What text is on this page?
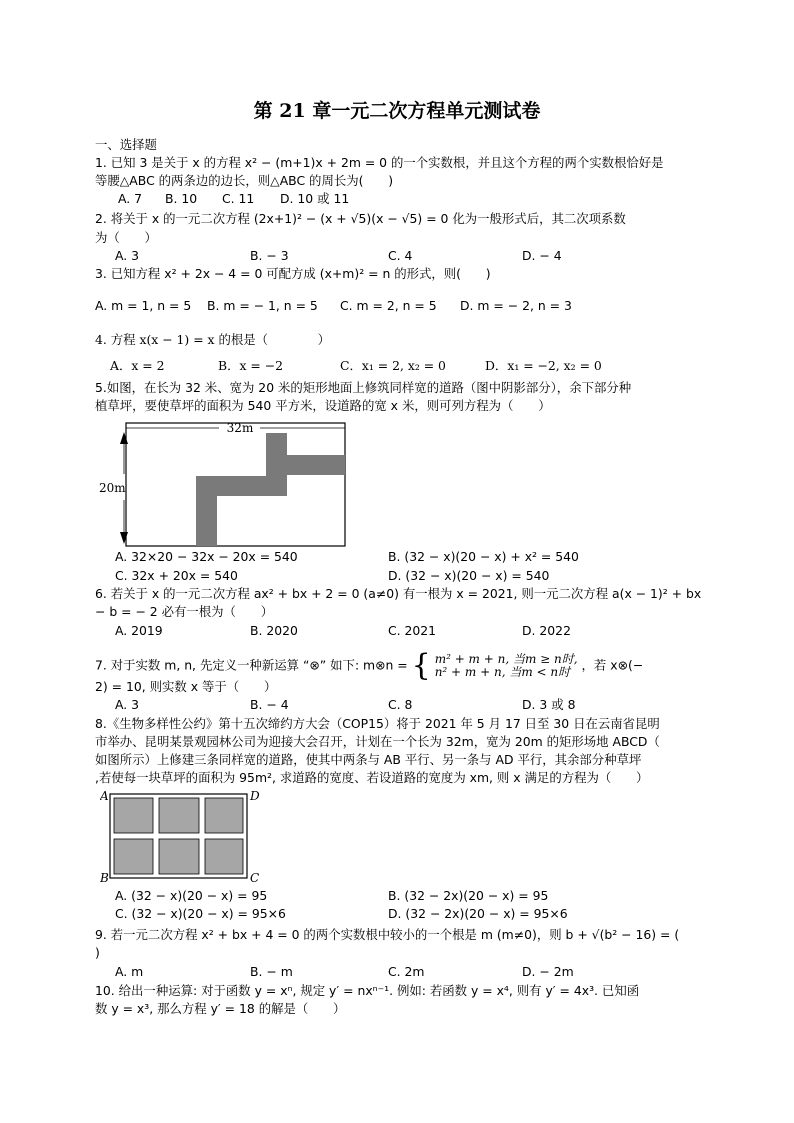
第 21 章一元二次方程单元测试卷
一、选择题
1. 已知 3 是关于 x 的方程 x² − (m+1)x + 2m = 0 的一个实数根，并且这个方程的两个实数根恰好是
等腰△ABC 的两条边的边长，则△ABC 的周长为(　　)
A. 7 B. 10 C. 11 D. 10 或 11
2. 将关于 x 的一元二次方程 (2x+1)² − (x + √5)(x − √5) = 0 化为一般形式后，其二次项系数
为（　　）
A. 3	B. − 3	C. 4	D. − 4
3. 已知方程 x² + 2x − 4 = 0 可配方成 (x+m)² = n 的形式，则(　　)
A. m = 1, n = 5 B. m = − 1, n = 5 C. m = 2, n = 5 D. m = − 2, n = 3
4. 方程 x(x − 1) = x 的根是（　　　　）
A．x = 2	B．x = −2	C．x₁ = 2, x₂ = 0	D．x₁ = −2, x₂ = 0
5.如图，在长为 32 米、宽为 20 米的矩形地面上修筑同样宽的道路（图中阴影部分），余下部分种
植草坪，要使草坪的面积为 540 平方米，设道路的宽 x 米，则可列方程为（　　）
32m
20m
A. 32×20 − 32x − 20x = 540	B. (32 − x)(20 − x) + x² = 540
C. 32x + 20x = 540	D. (32 − x)(20 − x) = 540
6. 若关于 x 的一元二次方程 ax² + bx + 2 = 0 (a≠0) 有一根为 x = 2021, 则一元二次方程 a(x − 1)² + bx
− b = − 2 必有一根为（　　）
A. 2019	B. 2020	C. 2021	D. 2022
7. 对于实数 m, n, 先定义一种新运算 “⊗” 如下: m⊗n = { m² + m + n, 当m ≥ n时,
n² + m + n, 当m < n时 ，若 x⊗(−
2) = 10, 则实数 x 等于（　　）
A. 3	B. − 4	C. 8	D. 3 或 8
8.《生物多样性公约》第十五次缔约方大会（COP15）将于 2021 年 5 月 17 日至 30 日在云南省昆明
市举办、昆明某景观园林公司为迎接大会召开，计划在一个长为 32m，宽为 20m 的矩形场地 ABCD（
如图所示）上修建三条同样宽的道路，使其中两条与 AB 平行、另一条与 AD 平行，其余部分种草坪
,若使每一块草坪的面积为 95m², 求道路的宽度、若设道路的宽度为 xm, 则 x 满足的方程为（　　）
A	D
B	C
A. (32 − x)(20 − x) = 95	B. (32 − 2x)(20 − x) = 95
C. (32 − x)(20 − x) = 95×6	D. (32 − 2x)(20 − x) = 95×6
9. 若一元二次方程 x² + bx + 4 = 0 的两个实数根中较小的一个根是 m (m≠0)，则 b + √(b² − 16) = (
)
A. m	B. − m	C. 2m	D. − 2m
10. 给出一种运算: 对于函数 y = xⁿ, 规定 y′ = nxⁿ⁻¹. 例如: 若函数 y = x⁴, 则有 y′ = 4x³. 已知函
数 y = x³, 那么方程 y′ = 18 的解是（　　）
